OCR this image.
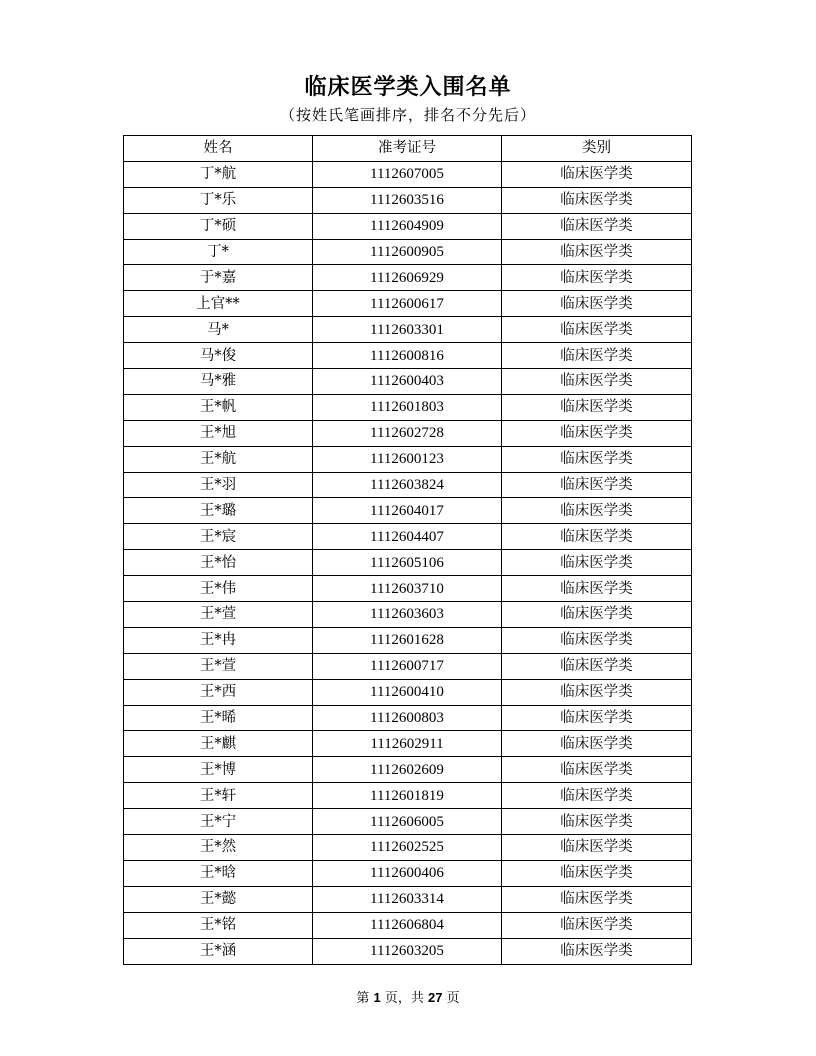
临床医学类入围名单
（按姓氏笔画排序，排名不分先后）
姓名	准考证号	类别
丁*航	1112607005	临床医学类
丁*乐	1112603516	临床医学类
丁*硕	1112604909	临床医学类
丁*	1112600905	临床医学类
于*嘉	1112606929	临床医学类
上官**	1112600617	临床医学类
马*	1112603301	临床医学类
马*俊	1112600816	临床医学类
马*雅	1112600403	临床医学类
王*帆	1112601803	临床医学类
王*旭	1112602728	临床医学类
王*航	1112600123	临床医学类
王*羽	1112603824	临床医学类
王*璐	1112604017	临床医学类
王*宸	1112604407	临床医学类
王*怡	1112605106	临床医学类
王*伟	1112603710	临床医学类
王*萱	1112603603	临床医学类
王*冉	1112601628	临床医学类
王*萱	1112600717	临床医学类
王*西	1112600410	临床医学类
王*晞	1112600803	临床医学类
王*麒	1112602911	临床医学类
王*博	1112602609	临床医学类
王*轩	1112601819	临床医学类
王*宁	1112606005	临床医学类
王*然	1112602525	临床医学类
王*晗	1112600406	临床医学类
王*懿	1112603314	临床医学类
王*铭	1112606804	临床医学类
王*涵	1112603205	临床医学类
第 1 页，共 27 页
